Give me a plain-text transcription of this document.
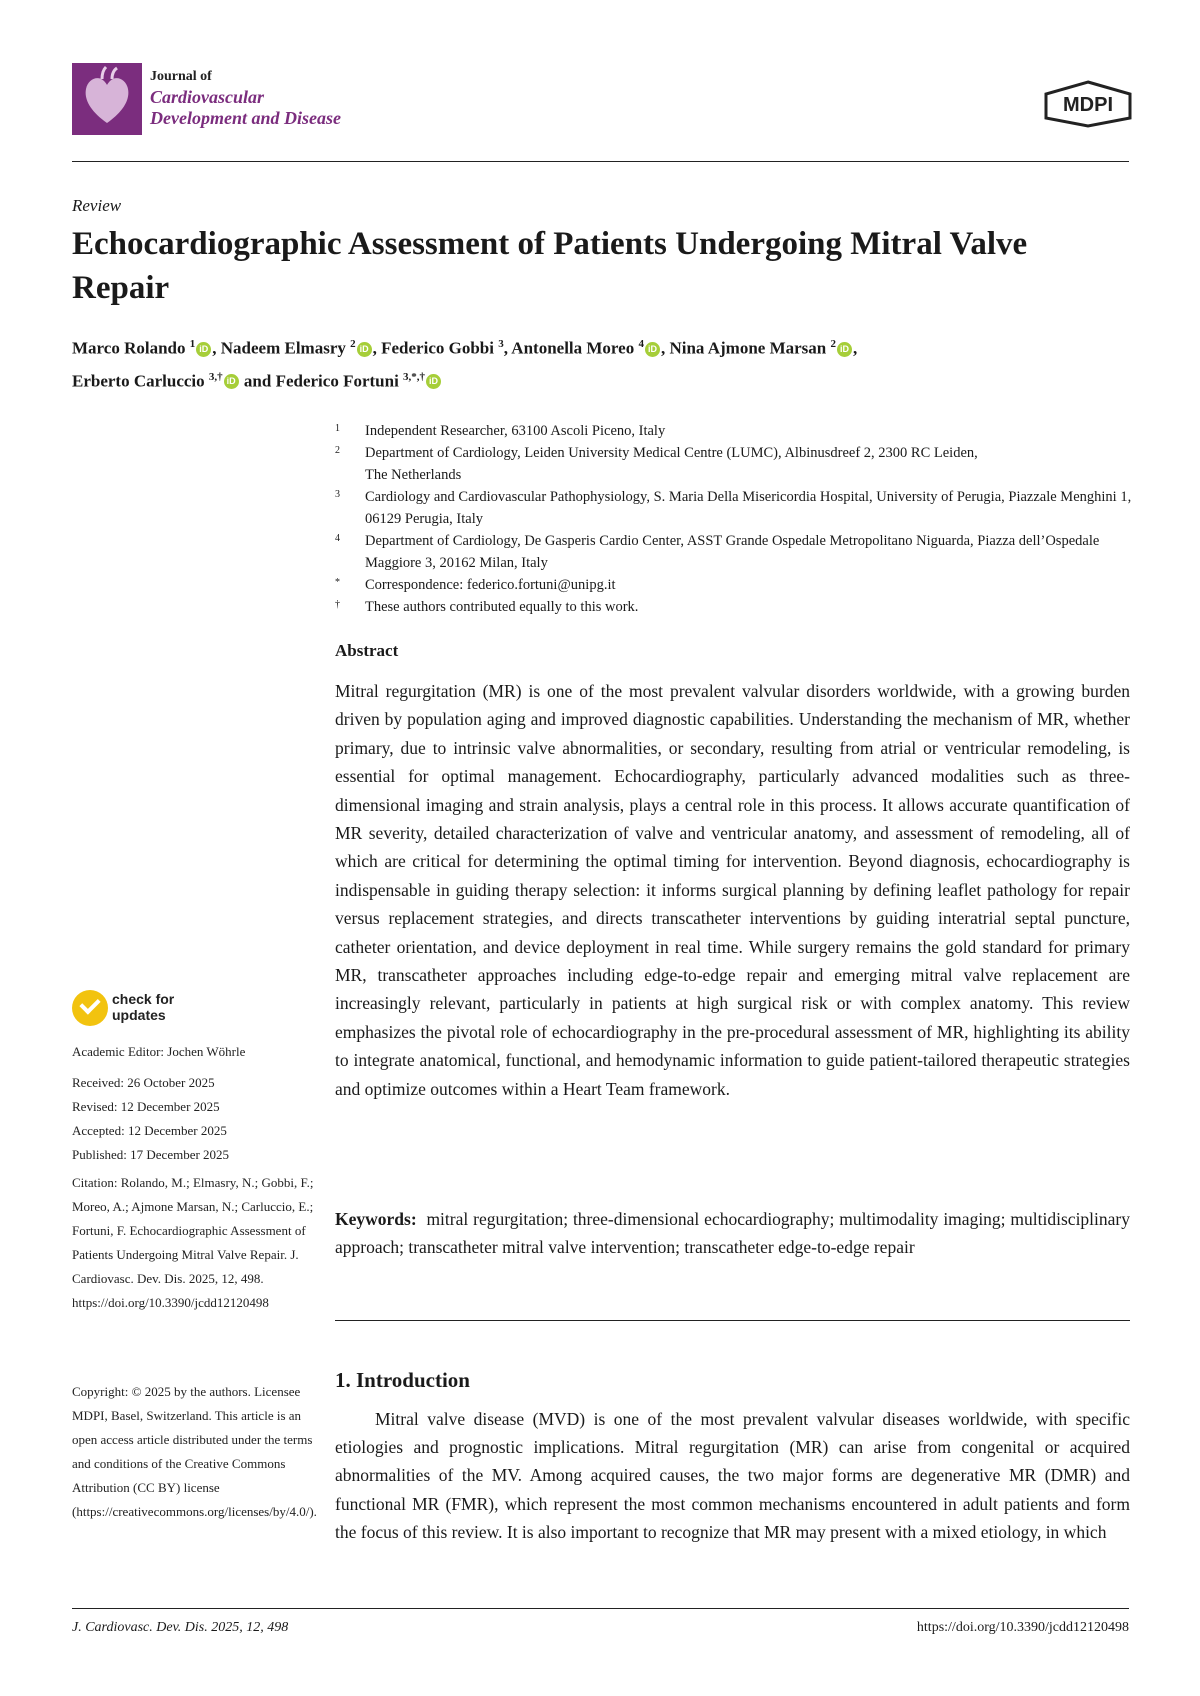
Journal of
Cardiovascular
Development and Disease
MDPI
Review
Echocardiographic Assessment of Patients Undergoing Mitral Valve Repair
Marco Rolando $^1$ iD , Nadeem Elmasry $^2$ iD , Federico Gobbi $^3$, Antonella Moreo $^4$ iD , Nina Ajmone Marsan $^2$ iD ,
Erberto Carluccio $^{3,\dagger}$ iD and Federico Fortuni $^{3,*,\dagger}$ iD
1 Independent Researcher, 63100 Ascoli Piceno, Italy
2 Department of Cardiology, Leiden University Medical Centre (LUMC), Albinusdreef 2, 2300 RC Leiden, The Netherlands
3 Cardiology and Cardiovascular Pathophysiology, S. Maria Della Misericordia Hospital, University of Perugia, Piazzale Menghini 1, 06129 Perugia, Italy
4 Department of Cardiology, De Gasperis Cardio Center, ASST Grande Ospedale Metropolitano Niguarda, Piazza dell’Ospedale Maggiore 3, 20162 Milan, Italy
* Correspondence: federico.fortuni@unipg.it
† These authors contributed equally to this work.
Abstract

Mitral regurgitation (MR) is one of the most prevalent valvular disorders worldwide, with a growing burden driven by population aging and improved diagnostic capabilities. Understanding the mechanism of MR, whether primary, due to intrinsic valve abnormalities, or secondary, resulting from atrial or ventricular remodeling, is essential for optimal management. Echocardiography, particularly advanced modalities such as three-dimensional imaging and strain analysis, plays a central role in this process. It allows accurate quantification of MR severity, detailed characterization of valve and ventricular anatomy, and assessment of remodeling, all of which are critical for determining the optimal timing for intervention. Beyond diagnosis, echocardiography is indispensable in guiding therapy selection: it informs surgical planning by defining leaflet pathology for repair versus replacement strategies, and directs transcatheter interventions by guiding interatrial septal puncture, catheter orientation, and device deployment in real time. While surgery remains the gold standard for primary MR, transcatheter approaches including edge-to-edge repair and emerging mitral valve replacement are increasingly relevant, particularly in patients at high surgical risk or with complex anatomy. This review emphasizes the pivotal role of echocardiography in the pre-procedural assessment of MR, highlighting its ability to integrate anatomical, functional, and hemodynamic information to guide patient-tailored therapeutic strategies and optimize outcomes within a Heart Team framework.

Keywords: mitral regurgitation; three-dimensional echocardiography; multimodality imaging; multidisciplinary approach; transcatheter mitral valve intervention; transcatheter edge-to-edge repair

1. Introduction

Mitral valve disease (MVD) is one of the most prevalent valvular diseases worldwide, with specific etiologies and prognostic implications. Mitral regurgitation (MR) can arise from congenital or acquired abnormalities of the MV. Among acquired causes, the two major forms are degenerative MR (DMR) and functional MR (FMR), which represent the most common mechanisms encountered in adult patients and form the focus of this review. It is also important to recognize that MR may present with a mixed etiology, in which

check for
updates
Academic Editor: Jochen Wöhrle
Received: 26 October 2025
Revised: 12 December 2025
Accepted: 12 December 2025
Published: 17 December 2025
Citation: Rolando, M.; Elmasry, N.; Gobbi, F.; Moreo, A.; Ajmone Marsan, N.; Carluccio, E.; Fortuni, F. Echocardiographic Assessment of Patients Undergoing Mitral Valve Repair. J. Cardiovasc. Dev. Dis. 2025, 12, 498. https://doi.org/10.3390/jcdd12120498
Copyright: © 2025 by the authors. Licensee MDPI, Basel, Switzerland. This article is an open access article distributed under the terms and conditions of the Creative Commons Attribution (CC BY) license (https://creativecommons.org/licenses/by/4.0/).
J. Cardiovasc. Dev. Dis. 2025, 12, 498	https://doi.org/10.3390/jcdd12120498
